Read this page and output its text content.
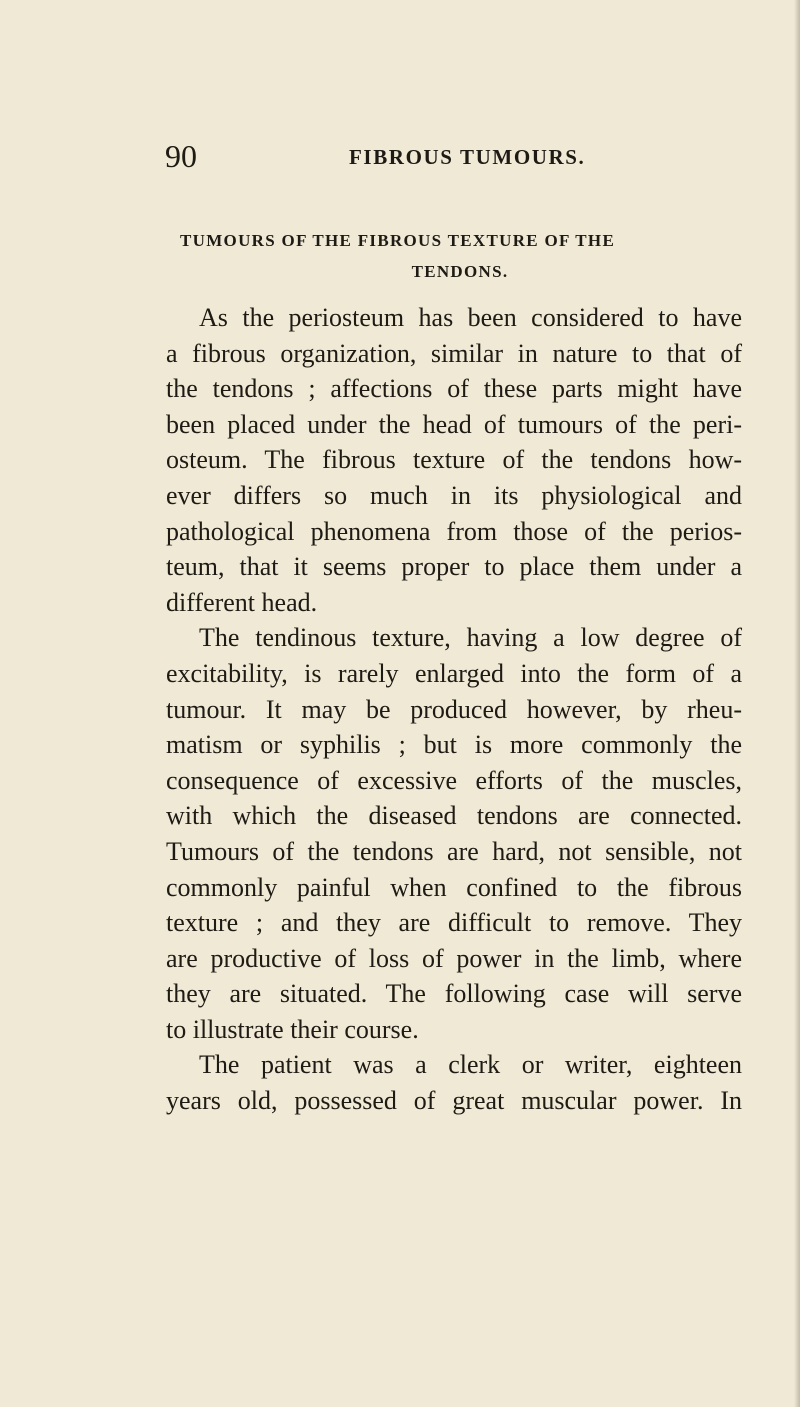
90	FIBROUS TUMOURS.
TUMOURS OF THE FIBROUS TEXTURE OF THE
TENDONS.
As the periosteum has been considered to have
a fibrous organization, similar in nature to that of
the tendons ; affections of these parts might have
been placed under the head of tumours of the peri-
osteum. The fibrous texture of the tendons how-
ever differs so much in its physiological and
pathological phenomena from those of the perios-
teum, that it seems proper to place them under a
different head.
The tendinous texture, having a low degree of
excitability, is rarely enlarged into the form of a
tumour. It may be produced however, by rheu-
matism or syphilis ; but is more commonly the
consequence of excessive efforts of the muscles,
with which the diseased tendons are connected.
Tumours of the tendons are hard, not sensible, not
commonly painful when confined to the fibrous
texture ; and they are difficult to remove. They
are productive of loss of power in the limb, where
they are situated. The following case will serve
to illustrate their course.
The patient was a clerk or writer, eighteen
years old, possessed of great muscular power. In
